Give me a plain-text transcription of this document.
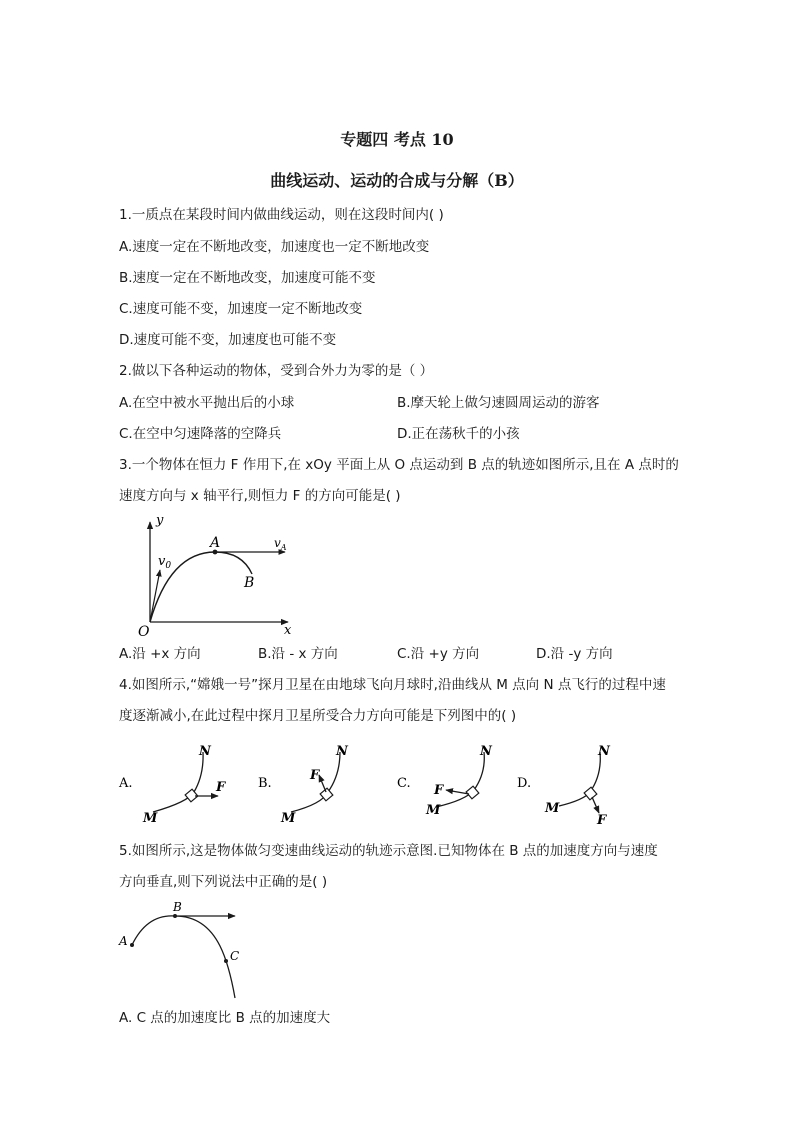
专题四 考点 10
曲线运动、运动的合成与分解（B）
1.一质点在某段时间内做曲线运动，则在这段时间内( )
A.速度一定在不断地改变，加速度也一定不断地改变
B.速度一定在不断地改变，加速度可能不变
C.速度可能不变，加速度一定不断地改变
D.速度可能不变，加速度也可能不变
2.做以下各种运动的物体，受到合外力为零的是（ ）
A.在空中被水平抛出后的小球	B.摩天轮上做匀速圆周运动的游客
C.在空中匀速降落的空降兵	D.正在荡秋千的小孩
3.一个物体在恒力 F 作用下,在 xOy 平面上从 O 点运动到 B 点的轨迹如图所示,且在 A 点时的
速度方向与 x 轴平行,则恒力 F 的方向可能是( )
y
x
O
A
B
$v_0$
$v_A$
A.沿 +x 方向	B.沿 - x 方向	C.沿 +y 方向	D.沿 -y 方向
4.如图所示,“嫦娥一号”探月卫星在由地球飞向月球时,沿曲线从 M 点向 N 点飞行的过程中速
度逐渐减小,在此过程中探月卫星所受合力方向可能是下列图中的( )
A.
N
M
F	B.
N
M
F
C.
N
M
F	D.
N
M
F
5.如图所示,这是物体做匀变速曲线运动的轨迹示意图.已知物体在 B 点的加速度方向与速度
方向垂直,则下列说法中正确的是( )
A
B
C
A. C 点的加速度比 B 点的加速度大
